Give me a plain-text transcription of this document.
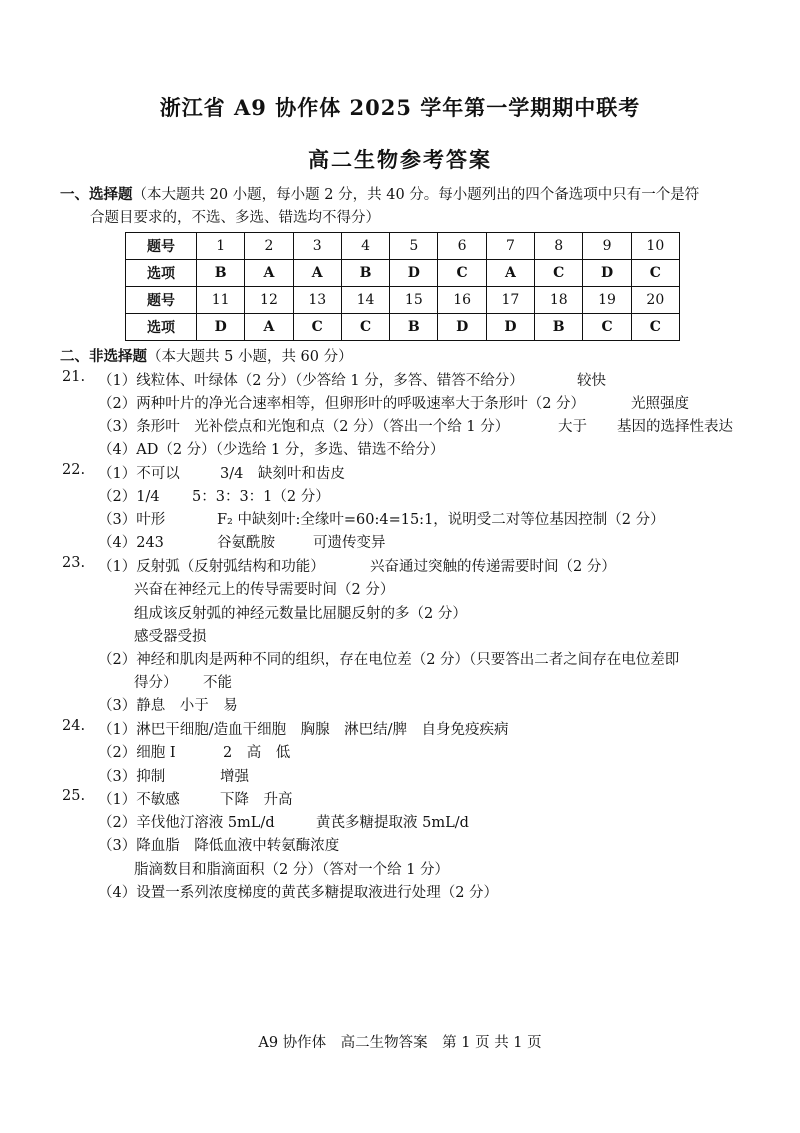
浙江省 A9 协作体 2025 学年第一学期期中联考
高二生物参考答案
一、选择题（本大题共 20 小题，每小题 2 分，共 40 分。每小题列出的四个备选项中只有一个是符
合题目要求的，不选、多选、错选均不得分）
题号	1	2	3	4	5	6	7	8	9	10
选项	B	A	A	B	D	C	A	C	D	C
题号	11	12	13	14	15	16	17	18	19	20
选项	D	A	C	C	B	D	D	B	C	C
二、非选择题（本大题共 5 小题，共 60 分）
21. （1）线粒体、叶绿体（2 分）（少答给 1 分，多答、错答不给分）	较快
（2）两种叶片的净光合速率相等，但卵形叶的呼吸速率大于条形叶（2 分）	光照强度
（3）条形叶　光补偿点和光饱和点（2 分）（答出一个给 1 分）	大于 基因的选择性表达
（4）AD（2 分）（少选给 1 分，多选、错选不给分）
22. （1）不可以	3/4　缺刻叶和齿皮
（2）1/4 5：3：3：1（2 分）
（3）叶形	F₂ 中缺刻叶:全缘叶=60:4=15:1，说明受二对等位基因控制（2 分）
（4）243	谷氨酰胺	可遗传变异
23. （1）反射弧（反射弧结构和功能）	兴奋通过突触的传递需要时间（2 分）
兴奋在神经元上的传导需要时间（2 分）
组成该反射弧的神经元数量比屈腿反射的多（2 分）
感受器受损
（2）神经和肌肉是两种不同的组织，存在电位差（2 分）（只要答出二者之间存在电位差即
得分） 不能
（3）静息　小于　易
24. （1）淋巴干细胞/造血干细胞　胸腺　淋巴结/脾　自身免疫疾病
（2）细胞 I	2　高　低
（3）抑制	增强
25. （1）不敏感	下降　升高
（2）辛伐他汀溶液 5mL/d	黄芪多糖提取液 5mL/d
（3）降血脂　降低血液中转氨酶浓度
脂滴数目和脂滴面积（2 分）（答对一个给 1 分）
（4）设置一系列浓度梯度的黄芪多糖提取液进行处理（2 分）
A9 协作体　高二生物答案　第 1 页 共 1 页
